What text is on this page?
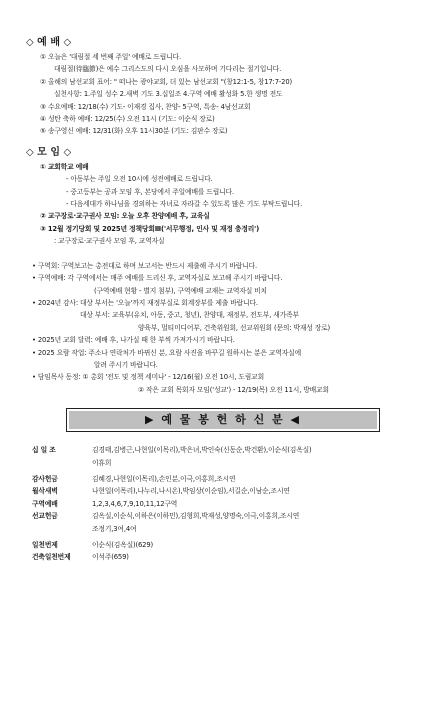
◇ 예 배 ◇
① 오늘은 '대림절 세 번째 주일' 예배로 드립니다.
대림절(待臨節)은 예수 그리스도의 다시 오심을 사모하며 기다리는 절기입니다.
② 올해의 남선교회 표어: " 떠나는 광야교회, 더 있는 남선교회 "(창12:1-5, 창17:7-20)
실천사항: 1.주일 성수 2.새벽 기도 3.십일조 4.구역 예배 활성화 5.한 생명 전도
③ 수요예배: 12/18(수) 기도- 이재경 집사, 찬양- 5구역, 특송- 4남선교회
④ 성탄 축하 예배: 12/25(수) 오전 11시 (기도: 이순식 장로)
⑤ 송구영신 예배: 12/31(화) 오후 11시30분 (기도: 김판수 장로)
◇ 모 임 ◇
① 교회학교 예배
- 아동부는 주일 오전 10시에 성전예배로 드립니다.
- 중고등부는 공과 모임 후, 본당에서 주일예배를 드립니다.
- 다음세대가 하나님을 경외하는 자녀로 자라갈 수 있도록 많은 기도 부탁드립니다.
② 교구장로·교구권사 모임: 오늘 오후 찬양예배 후, 교육실
③ 12월 정기당회 및 2025년 정책당회Ⅲ('서무행정, 인사 및 재정 충정리')
: 교구장로·교구권사 모임 후, 교역자실
• 구역회: 구역보고는 총전대로 하며 보고서는 반드시 제출해 주시기 바랍니다.
• 구역예배: 각 구역에서는 매주 예배를 드리신 후, 교역자실로 보고해 주시기 바랍니다.
(구역예배 현황 - 별지 첨부), 구역예배 교재는 교역자실 비치
• 2024년 감사: 대상 부서는 '오늘'까지 재정부실로 회계장부를 제출 바랍니다.
대상 부서: 교육부(유치, 아동, 중고, 청년), 찬양대, 재정부, 전도부, 새가족부
양육부, 멀티미디어부, 건축위원회, 선교위원회 (문의: 박재성 장로)
• 2025년 교회 달력: 예배 후, 나가실 때 한 부씩 가져가시기 바랍니다.
• 2025 요람 작업: 주소나 연락처가 바뀌신 분, 요람 사진을 바꾸길 원하시는 분은 교역자실에
알려 주시기 바랍니다.
• 담임목사 동정: ① 총회 '전도 및 정책 세미나' - 12/16(월) 오전 10시, 도림교회
② 작은 교회 목회자 모임('성교') - 12/19(목) 오전 11시, 방배교회
▶ 예 물 봉 헌 하 신 분 ◀
십 일 조	김경태,김병근,나현일(이목리),박은녀,박인숙(신동순,박건환),이순식(김옥실)
이휴희
감사헌금	김혜경,나현일(이목리),손인분,이극,이홍희,조시연
월삭새벽	나현일(이목리),나누리,나시온),박임상(이순임),서길순,이남순,조시연
구역예배	1,2,3,4,6,7,9,10,11,12구역
선교헌금	김옥실,이순식,이하은(이하민),김형희,박재성,양명숙,이극,이홍희,조시연
조정기,3여,4여
일천번제	이순식(김옥실)(629)
건축일천번제	이석주(659)
